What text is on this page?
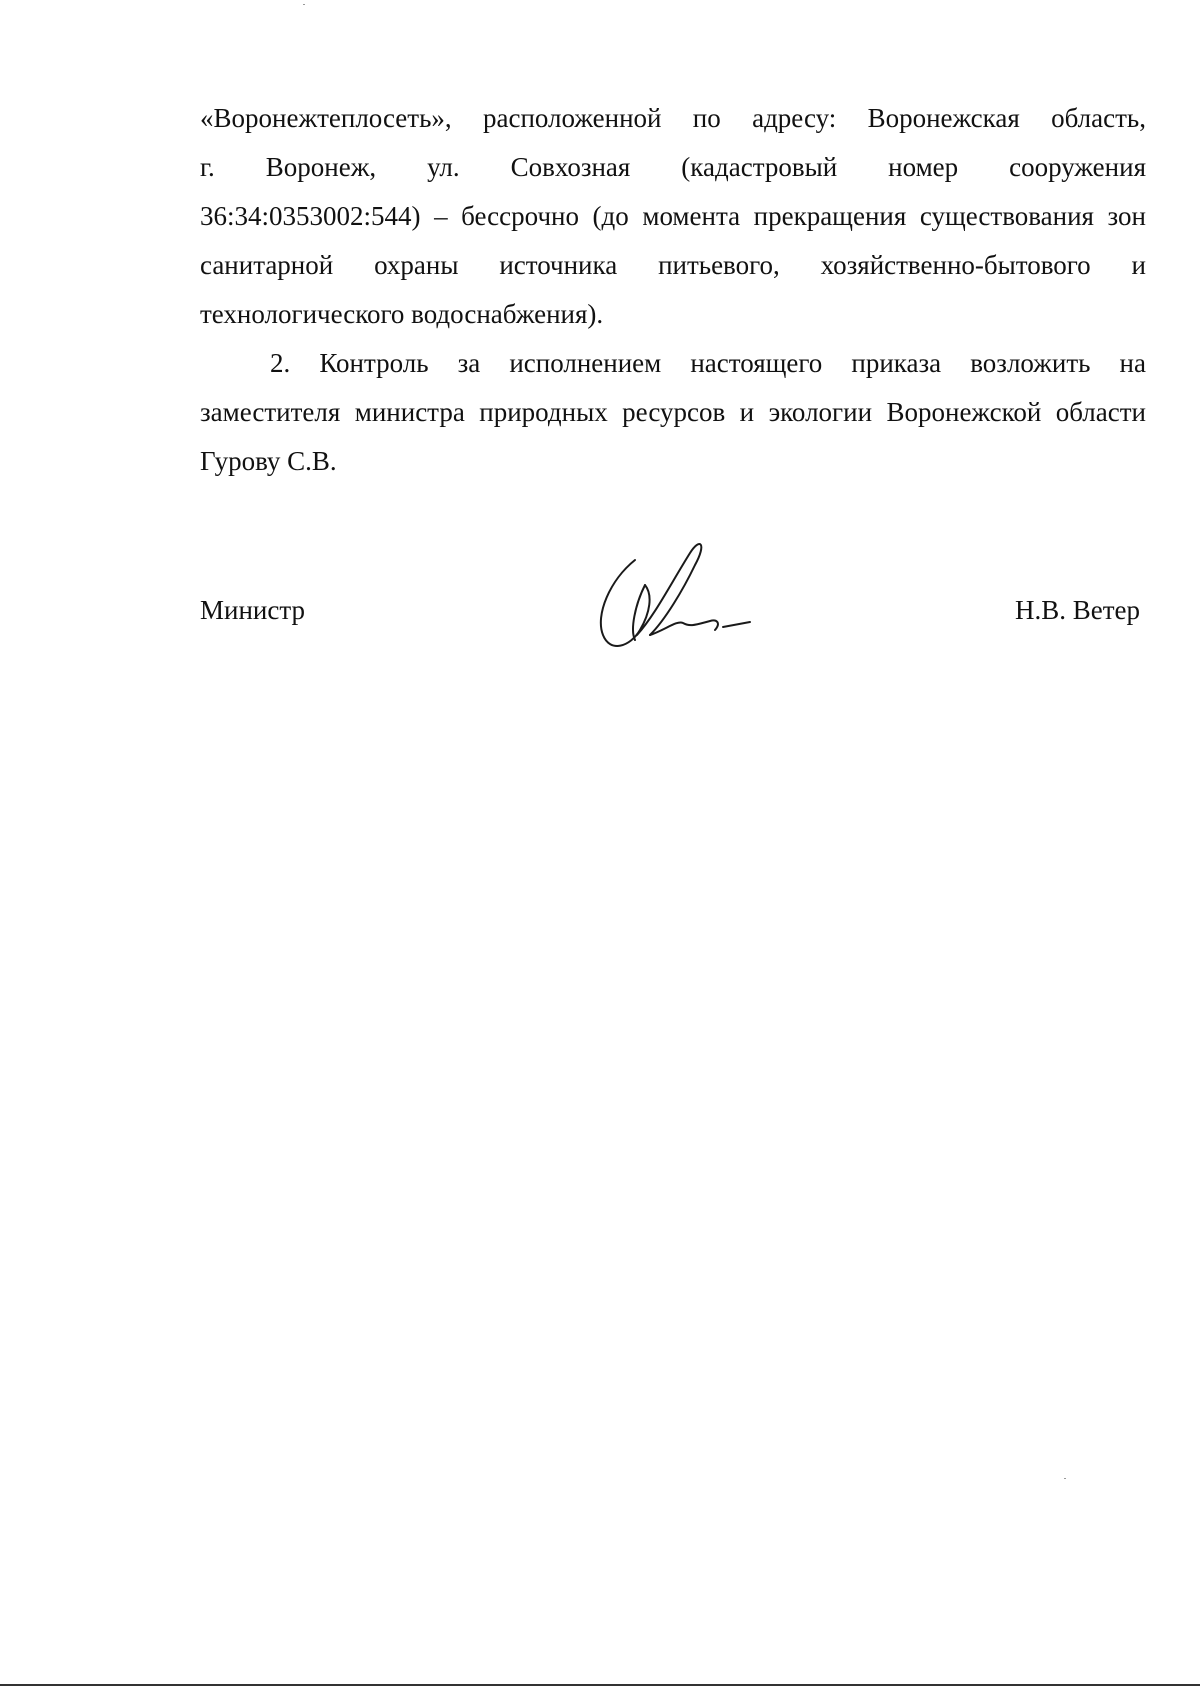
«Воронежтеплосеть», расположенной по адресу: Воронежская область,
г. Воронеж, ул. Совхозная (кадастровый номер сооружения
36:34:0353002:544) – бессрочно (до момента прекращения существования зон
санитарной охраны источника питьевого, хозяйственно-бытового и
технологического водоснабжения).
2. Контроль за исполнением настоящего приказа возложить на
заместителя министра природных ресурсов и экологии Воронежской области
Гурову С.В.
Министр	Н.В. Ветер
